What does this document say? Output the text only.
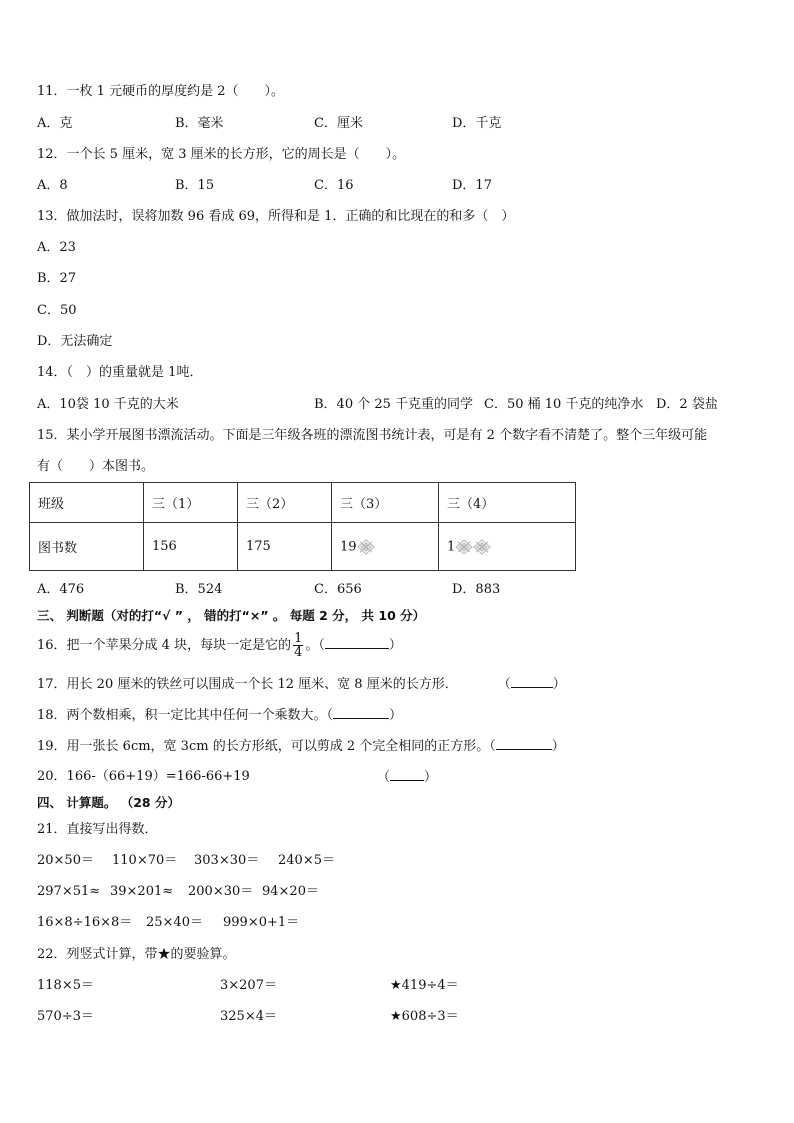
11．一枚 1 元硬币的厚度约是 2（　　）。
A．克	B．毫米	C．厘米	D．千克
12．一个长 5 厘米，宽 3 厘米的长方形，它的周长是（　　）。
A．8	B．15	C．16	D．17
13．做加法时，误将加数 96 看成 69，所得和是 1．正确的和比现在的和多（　）
A．23
B．27
C．50
D．无法确定
14．（　）的重量就是 1吨．
A．10袋 10 千克的大米	B．40 个 25 千克重的同学 C．50 桶 10 千克的纯净水 D．2 袋盐
15．某小学开展图书漂流活动。下面是三年级各班的漂流图书统计表，可是有 2 个数字看不清楚了。整个三年级可能
有（　　）本图书。
班级	三（1）	三（2）	三（3）	三（4）
图书数	156	175	19	1
A．476	B．524	C．656	D．883
三、 判断题（对的打“√ ” ， 错的打“×” 。 每题 2 分， 共 10 分）
16．把一个苹果分成 4 块，每块一定是它的 $\frac{1}{4}$ 。（	）
17．用长 20 厘米的铁丝可以围成一个长 12 厘米、宽 8 厘米的长方形．	（	）
18．两个数相乘，积一定比其中任何一个乘数大。（	）
19．用一张长 6cm，宽 3cm 的长方形纸，可以剪成 2 个完全相同的正方形。（	）
20．166-（66+19）=166-66+19	（	）
四、 计算题。 （28 分）
21．直接写出得数．
20×50＝ 110×70＝ 303×30＝ 240×5＝
297×51≈ 39×201≈ 200×30＝ 94×20＝
16×8÷16×8＝ 25×40＝ 999×0+1＝
22．列竖式计算，带★的要验算。
118×5＝	3×207＝	★419÷4＝
570÷3＝	325×4＝	★608÷3＝
